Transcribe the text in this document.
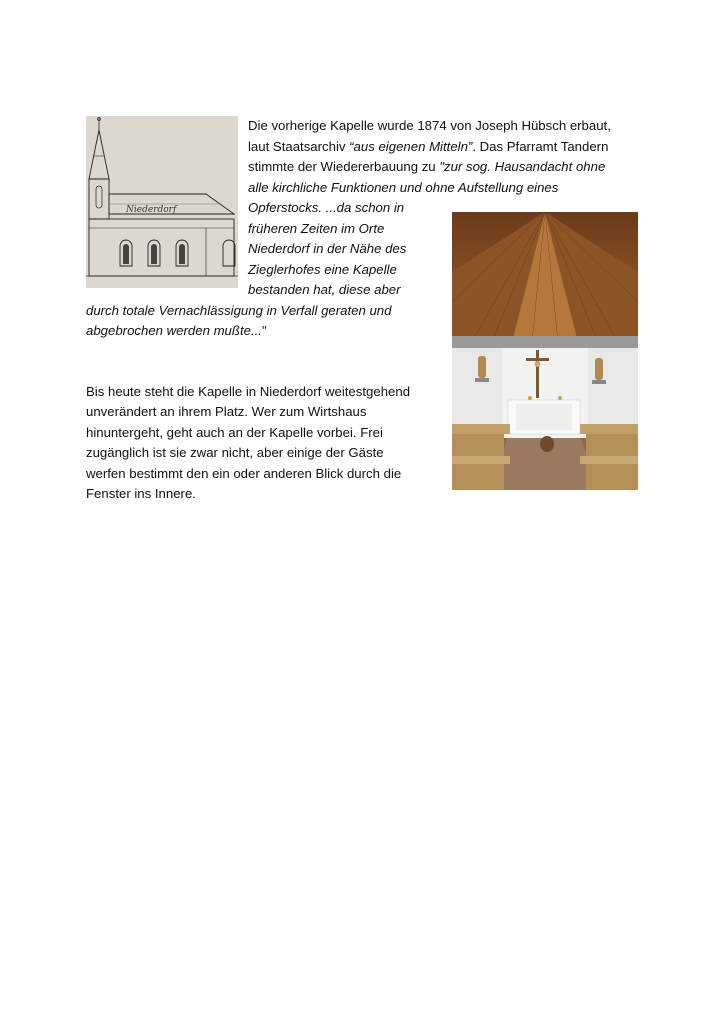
Niederdorf
Die vorherige Kapelle wurde 1874 von Joseph Hübsch erbaut,
laut Staatsarchiv “aus eigenen Mitteln”. Das Pfarramt Tandern
stimmte der Wiedererbauung zu "zur sog. Hausandacht ohne
alle kirchliche Funktionen und ohne Aufstellung eines
Opferstocks. ...da schon in
früheren Zeiten im Orte
Niederdorf in der Nähe des
Zieglerhofes eine Kapelle
bestanden hat, diese aber
durch totale Vernachlässigung in Verfall geraten und
abgebrochen werden mußte..."
Bis heute steht die Kapelle in Niederdorf weitestgehend
unverändert an ihrem Platz. Wer zum Wirtshaus
hinuntergeht, geht auch an der Kapelle vorbei. Frei
zugänglich ist sie zwar nicht, aber einige der Gäste
werfen bestimmt den ein oder anderen Blick durch die
Fenster ins Innere.
